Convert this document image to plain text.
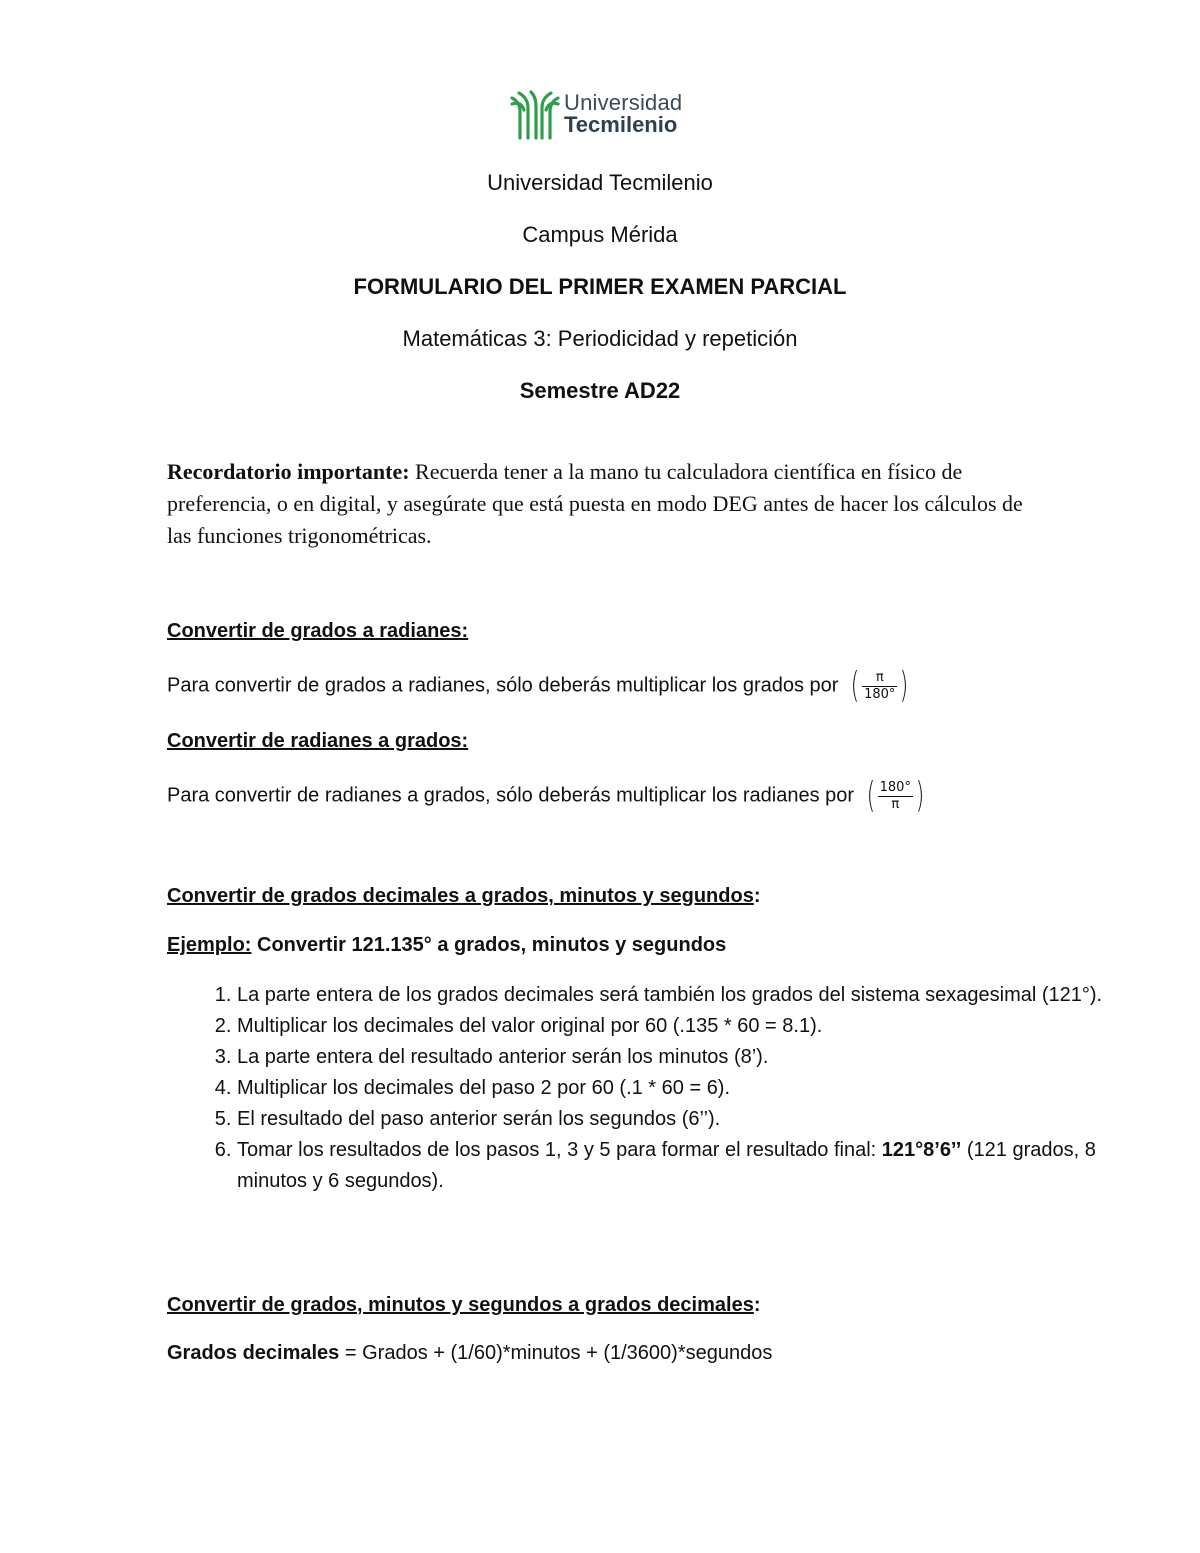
Universidad
Tecmilenio
Universidad Tecmilenio
Campus Mérida
FORMULARIO DEL PRIMER EXAMEN PARCIAL
Matemáticas 3: Periodicidad y repetición
Semestre AD22
Recordatorio importante: Recuerda tener a la mano tu calculadora científica en físico de preferencia, o en digital, y asegúrate que está puesta en modo DEG antes de hacer los cálculos de las funciones trigonométricas.
Convertir de grados a radianes:
Para convertir de grados a radianes, sólo deberás multiplicar los grados por ( $\frac{\pi}{180^\circ}$ )
Convertir de radianes a grados:
Para convertir de radianes a grados, sólo deberás multiplicar los radianes por ( $\frac{180^\circ}{\pi}$ )
Convertir de grados decimales a grados, minutos y segundos:
Ejemplo: Convertir 121.135° a grados, minutos y segundos
1. La parte entera de los grados decimales será también los grados del sistema sexagesimal (121°).
2. Multiplicar los decimales del valor original por 60 (.135 * 60 = 8.1).
3. La parte entera del resultado anterior serán los minutos (8’).
4. Multiplicar los decimales del paso 2 por 60 (.1 * 60 = 6).
5. El resultado del paso anterior serán los segundos (6’’).
6. Tomar los resultados de los pasos 1, 3 y 5 para formar el resultado final: 121°8’6’’ (121 grados, 8 minutos y 6 segundos).
Convertir de grados, minutos y segundos a grados decimales:
Grados decimales = Grados + (1/60)*minutos + (1/3600)*segundos
